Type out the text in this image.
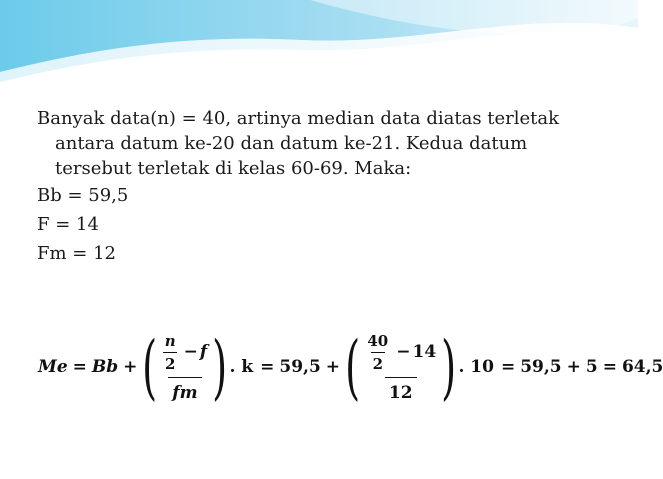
Banyak data(n) = 40, artinya median data diatas terletak antara datum ke-20 dan datum ke-21. Kedua datum tersebut terletak di kelas 60-69. Maka:

Bb = 59,5

F = 14

Fm = 12

Me = Bb + ( $\frac{\frac{n}{2} - f}{fm}$ ) . k = 59,5 + ( $\frac{\frac{40}{2} - 14}{12}$ ) . 10 = 59,5 + 5 = 64,5
